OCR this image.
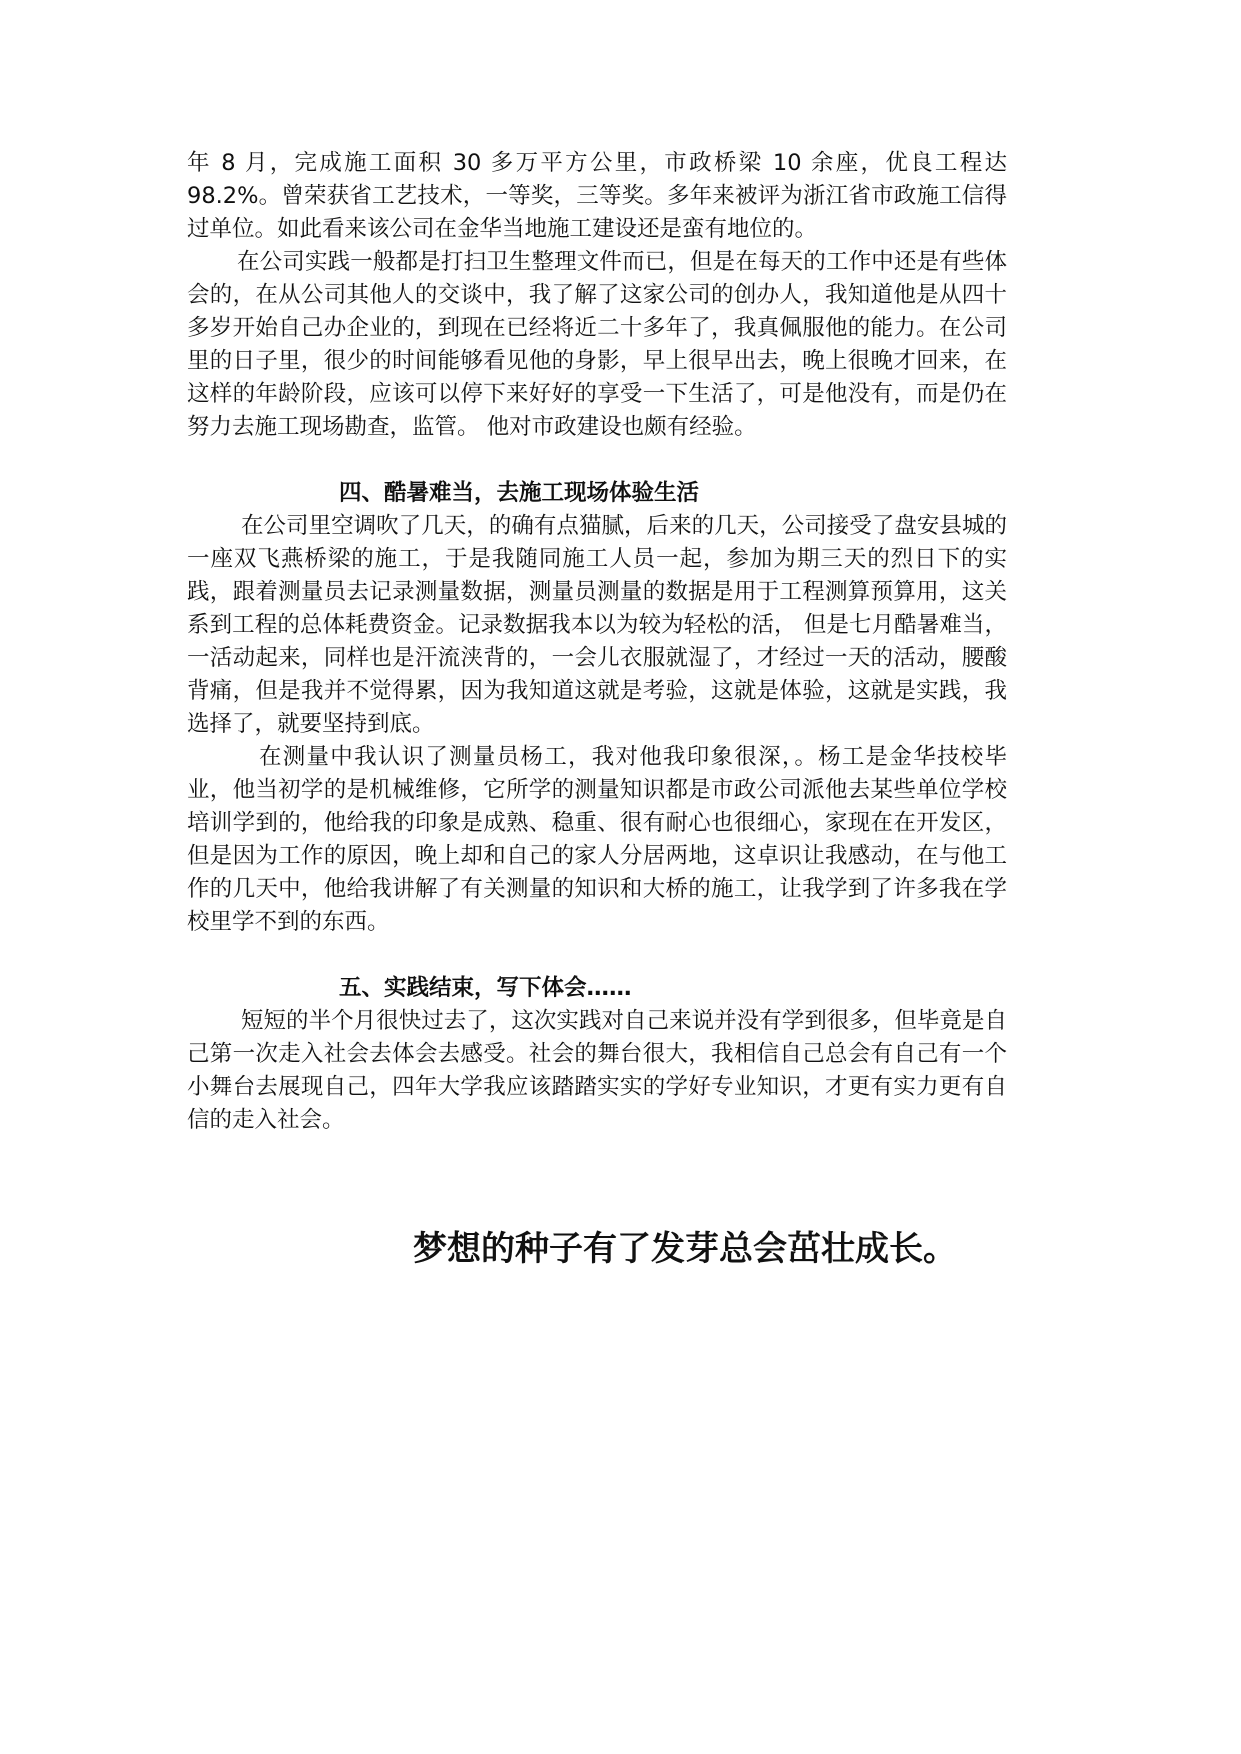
年 8 月，完成施工面积 30 多万平方公里，市政桥梁 10 余座，优良工程达 98.2%。曾荣获省工艺技术，一等奖，三等奖。多年来被评为浙江省市政施工信得过单位。如此看来该公司在金华当地施工建设还是蛮有地位的。

在公司实践一般都是打扫卫生整理文件而已，但是在每天的工作中还是有些体会的，在从公司其他人的交谈中，我了解了这家公司的创办人，我知道他是从四十多岁开始自己办企业的，到现在已经将近二十多年了，我真佩服他的能力。在公司里的日子里，很少的时间能够看见他的身影，早上很早出去，晚上很晚才回来，在这样的年龄阶段，应该可以停下来好好的享受一下生活了，可是他没有，而是仍在努力去施工现场勘查，监管。 他对市政建设也颇有经验。

四、酷暑难当，去施工现场体验生活

在公司里空调吹了几天，的确有点猫腻，后来的几天，公司接受了盘安县城的一座双飞燕桥梁的施工，于是我随同施工人员一起，参加为期三天的烈日下的实践，跟着测量员去记录测量数据，测量员测量的数据是用于工程测算预算用，这关系到工程的总体耗费资金。记录数据我本以为较为轻松的活， 但是七月酷暑难当，一活动起来，同样也是汗流浃背的，一会儿衣服就湿了，才经过一天的活动，腰酸背痛，但是我并不觉得累，因为我知道这就是考验，这就是体验，这就是实践，我选择了，就要坚持到底。

在测量中我认识了测量员杨工，我对他我印象很深，。杨工是金华技校毕业，他当初学的是机械维修，它所学的测量知识都是市政公司派他去某些单位学校培训学到的，他给我的印象是成熟、稳重、很有耐心也很细心，家现在在开发区，但是因为工作的原因，晚上却和自己的家人分居两地，这卓识让我感动，在与他工作的几天中，他给我讲解了有关测量的知识和大桥的施工，让我学到了许多我在学校里学不到的东西。

五、实践结束，写下体会……

短短的半个月很快过去了，这次实践对自己来说并没有学到很多，但毕竟是自己第一次走入社会去体会去感受。社会的舞台很大，我相信自己总会有自己有一个小舞台去展现自己，四年大学我应该踏踏实实的学好专业知识，才更有实力更有自信的走入社会。

梦想的种子有了发芽总会茁壮成长。
